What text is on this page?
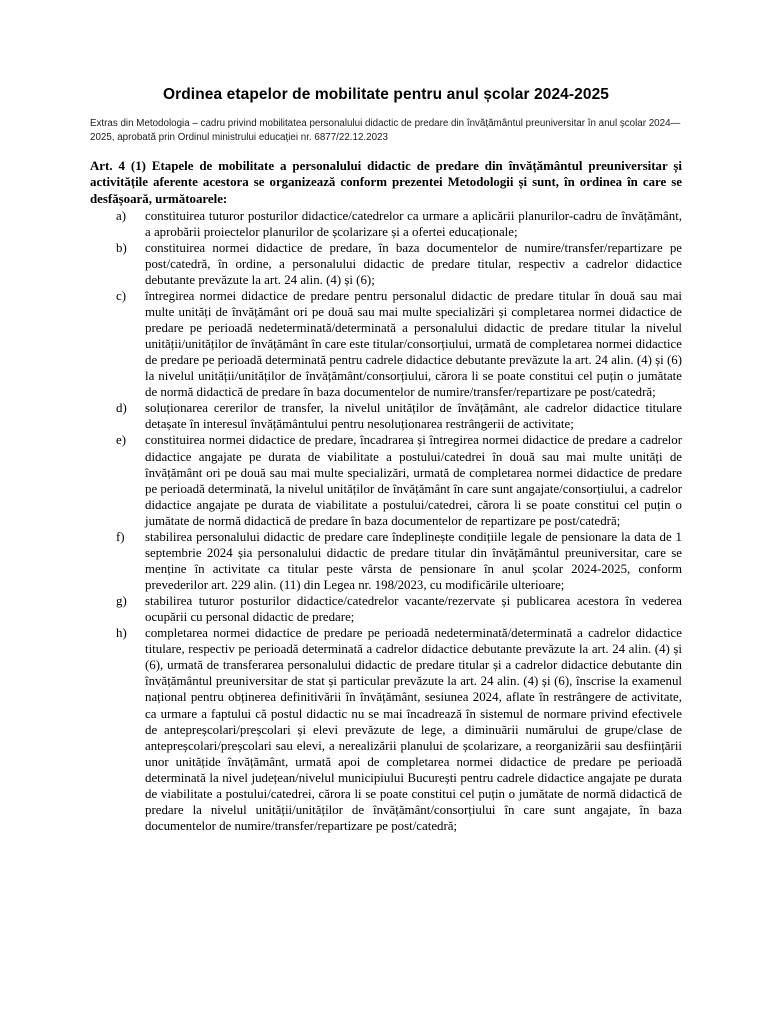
Ordinea etapelor de mobilitate pentru anul școlar 2024-2025

Extras din Metodologia – cadru privind mobilitatea personalului didactic de predare din învățământul preuniversitar în anul școlar 2024—2025, aprobată prin Ordinul ministrului educației nr. 6877/22.12.2023

Art. 4 (1) Etapele de mobilitate a personalului didactic de predare din învățământul preuniversitar și activitățile aferente acestora se organizează conform prezentei Metodologii și sunt, în ordinea în care se desfășoară, următoarele:

a) constituirea tuturor posturilor didactice/catedrelor ca urmare a aplicării planurilor-cadru de învățământ, a aprobării proiectelor planurilor de școlarizare și a ofertei educaționale;
b) constituirea normei didactice de predare, în baza documentelor de numire/transfer/repartizare pe post/catedră, în ordine, a personalului didactic de predare titular, respectiv a cadrelor didactice debutante prevăzute la art. 24 alin. (4) și (6);
c) întregirea normei didactice de predare pentru personalul didactic de predare titular în două sau mai multe unități de învățământ ori pe două sau mai multe specializări și completarea normei didactice de predare pe perioadă nedeterminată/determinată a personalului didactic de predare titular la nivelul unității/unităților de învățământ în care este titular/consorțiului, urmată de completarea normei didactice de predare pe perioadă determinată pentru cadrele didactice debutante prevăzute la art. 24 alin. (4) și (6) la nivelul unității/unităților de învățământ/consorțiului, cărora li se poate constitui cel puțin o jumătate de normă didactică de predare în baza documentelor de numire/transfer/repartizare pe post/catedră;
d) soluționarea cererilor de transfer, la nivelul unităților de învățământ, ale cadrelor didactice titulare detașate în interesul învățământului pentru nesoluționarea restrângerii de activitate;
e) constituirea normei didactice de predare, încadrarea și întregirea normei didactice de predare a cadrelor didactice angajate pe durata de viabilitate a postului/catedrei în două sau mai multe unități de învățământ ori pe două sau mai multe specializări, urmată de completarea normei didactice de predare pe perioadă determinată, la nivelul unităților de învățământ în care sunt angajate/consorțiului, a cadrelor didactice angajate pe durata de viabilitate a postului/catedrei, cărora li se poate constitui cel puțin o jumătate de normă didactică de predare în baza documentelor de repartizare pe post/catedră;
f) stabilirea personalului didactic de predare care îndeplinește condițiile legale de pensionare la data de 1 septembrie 2024 șia personalului didactic de predare titular din învățământul preuniversitar, care se menține în activitate ca titular peste vârsta de pensionare în anul școlar 2024-2025, conform prevederilor art. 229 alin. (11) din Legea nr. 198/2023, cu modificările ulterioare;
g) stabilirea tuturor posturilor didactice/catedrelor vacante/rezervate și publicarea acestora în vederea ocupării cu personal didactic de predare;
h) completarea normei didactice de predare pe perioadă nedeterminată/determinată a cadrelor didactice titulare, respectiv pe perioadă determinată a cadrelor didactice debutante prevăzute la art. 24 alin. (4) și (6), urmată de transferarea personalului didactic de predare titular și a cadrelor didactice debutante din învățământul preuniversitar de stat și particular prevăzute la art. 24 alin. (4) și (6), înscrise la examenul național pentru obținerea definitivării în învățământ, sesiunea 2024, aflate în restrângere de activitate, ca urmare a faptului că postul didactic nu se mai încadrează în sistemul de normare privind efectivele de antepreșcolari/preșcolari și elevi prevăzute de lege, a diminuării numărului de grupe/clase de antepreșcolari/preșcolari sau elevi, a nerealizării planului de școlarizare, a reorganizării sau desființării unor unitățide învățământ, urmată apoi de completarea normei didactice de predare pe perioadă determinată la nivel județean/nivelul municipiului București pentru cadrele didactice angajate pe durata de viabilitate a postului/catedrei, cărora li se poate constitui cel puțin o jumătate de normă didactică de predare la nivelul unității/unităților de învățământ/consorțiului în care sunt angajate, în baza documentelor de numire/transfer/repartizare pe post/catedră;
